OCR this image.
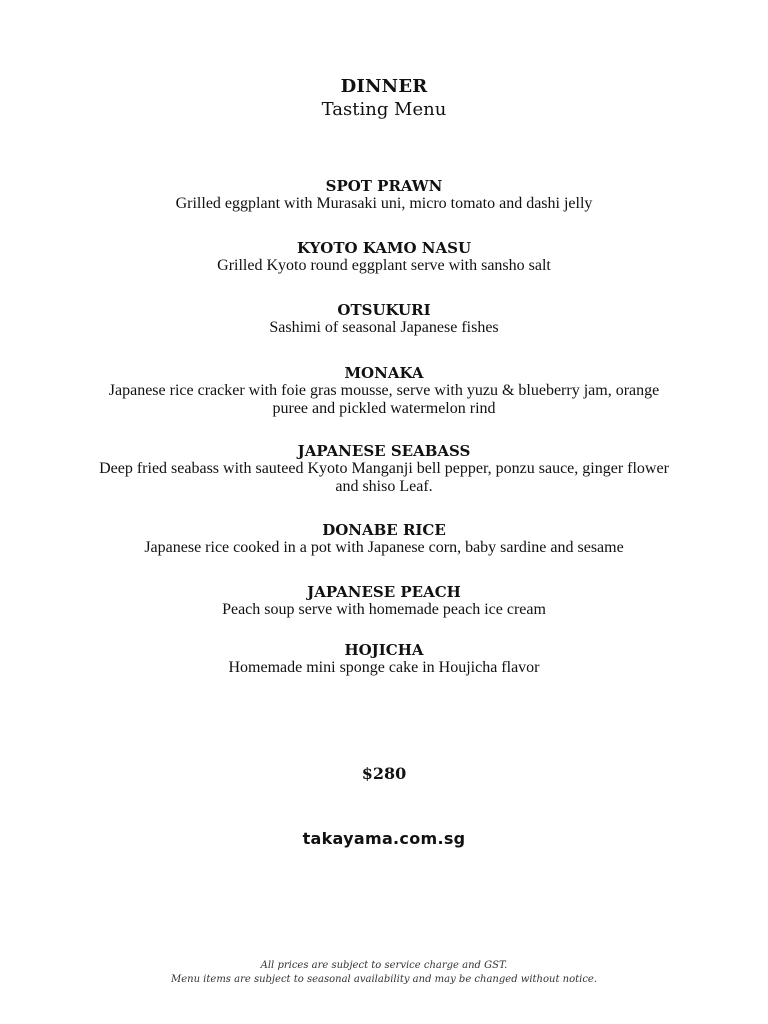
DINNER
Tasting Menu
SPOT PRAWN
Grilled eggplant with Murasaki uni, micro tomato and dashi jelly
KYOTO KAMO NASU
Grilled Kyoto round eggplant serve with sansho salt
OTSUKURI
Sashimi of seasonal Japanese fishes
MONAKA
Japanese rice cracker with foie gras mousse, serve with yuzu & blueberry jam, orange puree and pickled watermelon rind
JAPANESE SEABASS
Deep fried seabass with sauteed Kyoto Manganji bell pepper, ponzu sauce, ginger flower and shiso Leaf.
DONABE RICE
Japanese rice cooked in a pot with Japanese corn, baby sardine and sesame
JAPANESE PEACH
Peach soup serve with homemade peach ice cream
HOJICHA
Homemade mini sponge cake in Houjicha flavor
$280
takayama.com.sg
All prices are subject to service charge and GST.
Menu items are subject to seasonal availability and may be changed without notice.
